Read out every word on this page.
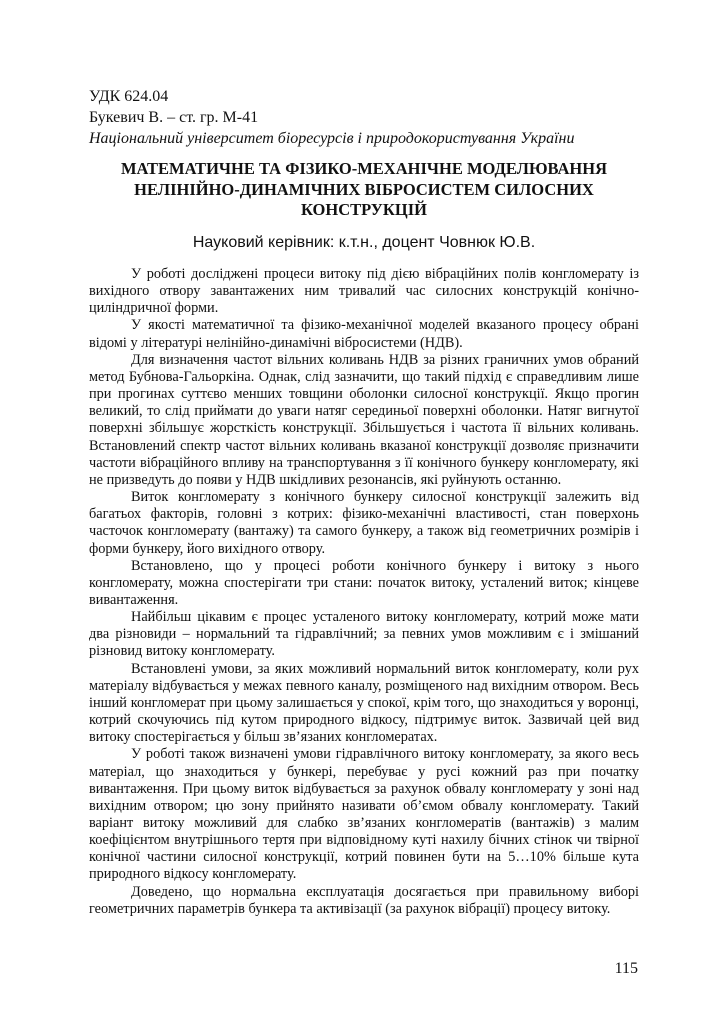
УДК 624.04
Букевич В. – ст. гр. М-41
Національний університет біоресурсів і природокористування України
МАТЕМАТИЧНЕ ТА ФІЗИКО-МЕХАНІЧНЕ МОДЕЛЮВАННЯ НЕЛІНІЙНО-ДИНАМІЧНИХ ВІБРОСИСТЕМ СИЛОСНИХ КОНСТРУКЦІЙ
Науковий керівник: к.т.н., доцент Човнюк Ю.В.

У роботі досліджені процеси витоку під дією вібраційних полів конгломерату із вихідного отвору завантажених ним тривалий час силосних конструкцій конічно-циліндричної форми.

У якості математичної та фізико-механічної моделей вказаного процесу обрані відомі у літературі нелінійно-динамічні вібросистеми (НДВ).

Для визначення частот вільних коливань НДВ за різних граничних умов обраний метод Бубнова-Гальоркіна. Однак, слід зазначити, що такий підхід є справедливим лише при прогинах суттєво менших товщини оболонки силосної конструкції. Якщо прогин великий, то слід приймати до уваги натяг серединьої поверхні оболонки. Натяг вигнутої поверхні збільшує жорсткість конструкції. Збільшується і частота її вільних коливань. Встановлений спектр частот вільних коливань вказаної конструкції дозволяє призначити частоти вібраційного впливу на транспортування з її конічного бункеру конгломерату, які не призведуть до появи у НДВ шкідливих резонансів, які руйнують останню.

Виток конгломерату з конічного бункеру силосної конструкції залежить від багатьох факторів, головні з котрих: фізико-механічні властивості, стан поверхонь часточок конгломерату (вантажу) та самого бункеру, а також від геометричних розмірів і форми бункеру, його вихідного отвору.

Встановлено, що у процесі роботи конічного бункеру і витоку з нього конгломерату, можна спостерігати три стани: початок витоку, усталений виток; кінцеве вивантаження.

Найбільш цікавим є процес усталеного витоку конгломерату, котрий може мати два різновиди – нормальний та гідравлічний; за певних умов можливим є і змішаний різновид витоку конгломерату.

Встановлені умови, за яких можливий нормальний виток конгломерату, коли рух матеріалу відбувається у межах певного каналу, розміщеного над вихідним отвором. Весь інший конгломерат при цьому залишається у спокої, крім того, що знаходиться у воронці, котрий скочуючись під кутом природного відкосу, підтримує виток. Зазвичай цей вид витоку спостерігається у більш зв’язаних конгломератах.

У роботі також визначені умови гідравлічного витоку конгломерату, за якого весь матеріал, що знаходиться у бункері, перебуває у русі кожний раз при початку вивантаження. При цьому виток відбувається за рахунок обвалу конгломерату у зоні над вихідним отвором; цю зону прийнято називати об’ємом обвалу конгломерату. Такий варіант витоку можливий для слабко зв’язаних конгломератів (вантажів) з малим коефіцієнтом внутрішнього тертя при відповідному куті нахилу бічних стінок чи твірної конічної частини силосної конструкції, котрий повинен бути на 5…10% більше кута природного відкосу конгломерату.

Доведено, що нормальна експлуатація досягається при правильному виборі геометричних параметрів бункера та активізації (за рахунок вібрації) процесу витоку.

115
